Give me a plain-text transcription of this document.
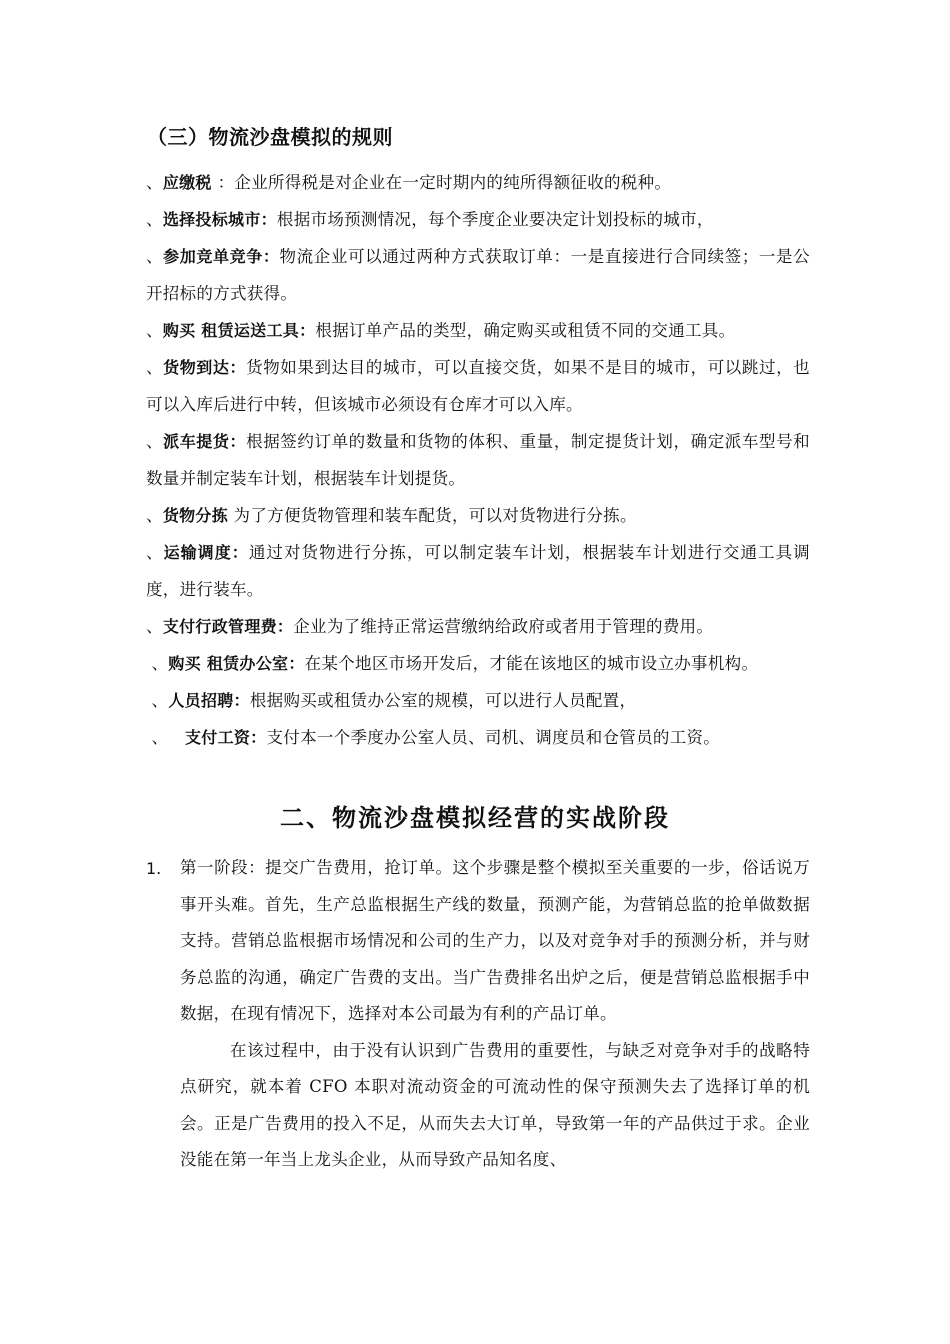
（三）物流沙盘模拟的规则
、应缴税 ：企业所得税是对企业在一定时期内的纯所得额征收的税种。
、选择投标城市：根据市场预测情况，每个季度企业要决定计划投标的城市，
、参加竞单竞争：物流企业可以通过两种方式获取订单：一是直接进行合同续签；一是公开招标的方式获得。
、购买 租赁运送工具：根据订单产品的类型，确定购买或租赁不同的交通工具。
、货物到达：货物如果到达目的城市，可以直接交货，如果不是目的城市，可以跳过，也可以入库后进行中转，但该城市必须设有仓库才可以入库。
、派车提货：根据签约订单的数量和货物的体积、重量，制定提货计划，确定派车型号和数量并制定装车计划，根据装车计划提货。
、货物分拣 为了方便货物管理和装车配货，可以对货物进行分拣。
、运输调度：通过对货物进行分拣，可以制定装车计划，根据装车计划进行交通工具调度，进行装车。
、支付行政管理费：企业为了维持正常运营缴纳给政府或者用于管理的费用。
、购买 租赁办公室：在某个地区市场开发后，才能在该地区的城市设立办事机构。
、人员招聘：根据购买或租赁办公室的规模，可以进行人员配置，
、   支付工资：支付本一个季度办公室人员、司机、调度员和仓管员的工资。
二、物流沙盘模拟经营的实战阶段
1. 第一阶段：提交广告费用，抢订单。这个步骤是整个模拟至关重要的一步，俗话说万事开头难。首先，生产总监根据生产线的数量，预测产能，为营销总监的抢单做数据支持。营销总监根据市场情况和公司的生产力，以及对竞争对手的预测分析，并与财务总监的沟通，确定广告费的支出。当广告费排名出炉之后，便是营销总监根据手中数据，在现有情况下，选择对本公司最为有利的产品订单。

在该过程中，由于没有认识到广告费用的重要性，与缺乏对竞争对手的战略特点研究，就本着 CFO 本职对流动资金的可流动性的保守预测失去了选择订单的机会。正是广告费用的投入不足，从而失去大订单，导致第一年的产品供过于求。企业没能在第一年当上龙头企业，从而导致产品知名度、
